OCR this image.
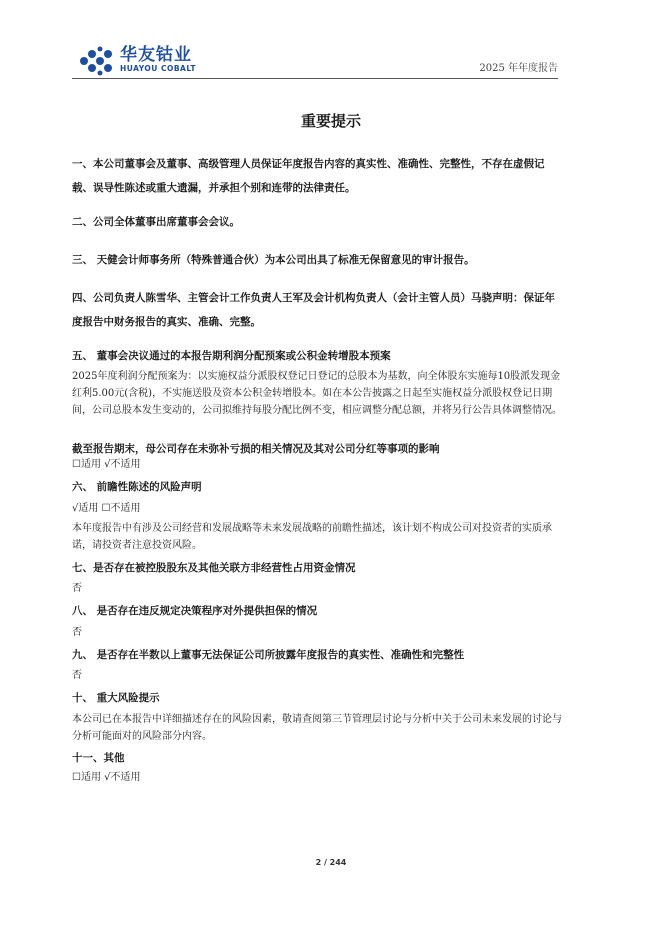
华友钴业
HUAYOU COBALT	2025 年年度报告
重要提示
一、本公司董事会及董事、高级管理人员保证年度报告内容的真实性、准确性、完整性，不存在虚假记载、误导性陈述或重大遗漏，并承担个别和连带的法律责任。
二、公司全体董事出席董事会会议。
三、 天健会计师事务所（特殊普通合伙）为本公司出具了标准无保留意见的审计报告。
四、公司负责人陈雪华、主管会计工作负责人王军及会计机构负责人（会计主管人员）马骁声明：保证年度报告中财务报告的真实、准确、完整。
五、 董事会决议通过的本报告期利润分配预案或公积金转增股本预案
2025年度利润分配预案为：以实施权益分派股权登记日登记的总股本为基数，向全体股东实施每10股派发现金红利5.00元(含税)，不实施送股及资本公积金转增股本。如在本公告披露之日起至实施权益分派股权登记日期间，公司总股本发生变动的，公司拟维持每股分配比例不变，相应调整分配总额，并将另行公告具体调整情况。
截至报告期末，母公司存在未弥补亏损的相关情况及其对公司分红等事项的影响
☐适用 √不适用
六、 前瞻性陈述的风险声明
√适用 ☐不适用
本年度报告中有涉及公司经营和发展战略等未来发展战略的前瞻性描述，该计划不构成公司对投资者的实质承诺，请投资者注意投资风险。
七、是否存在被控股股东及其他关联方非经营性占用资金情况
否
八、 是否存在违反规定决策程序对外提供担保的情况
否
九、 是否存在半数以上董事无法保证公司所披露年度报告的真实性、准确性和完整性
否
十、 重大风险提示
本公司已在本报告中详细描述存在的风险因素，敬请查阅第三节管理层讨论与分析中关于公司未来发展的讨论与分析可能面对的风险部分内容。
十一、其他
☐适用 √不适用
2 / 244
